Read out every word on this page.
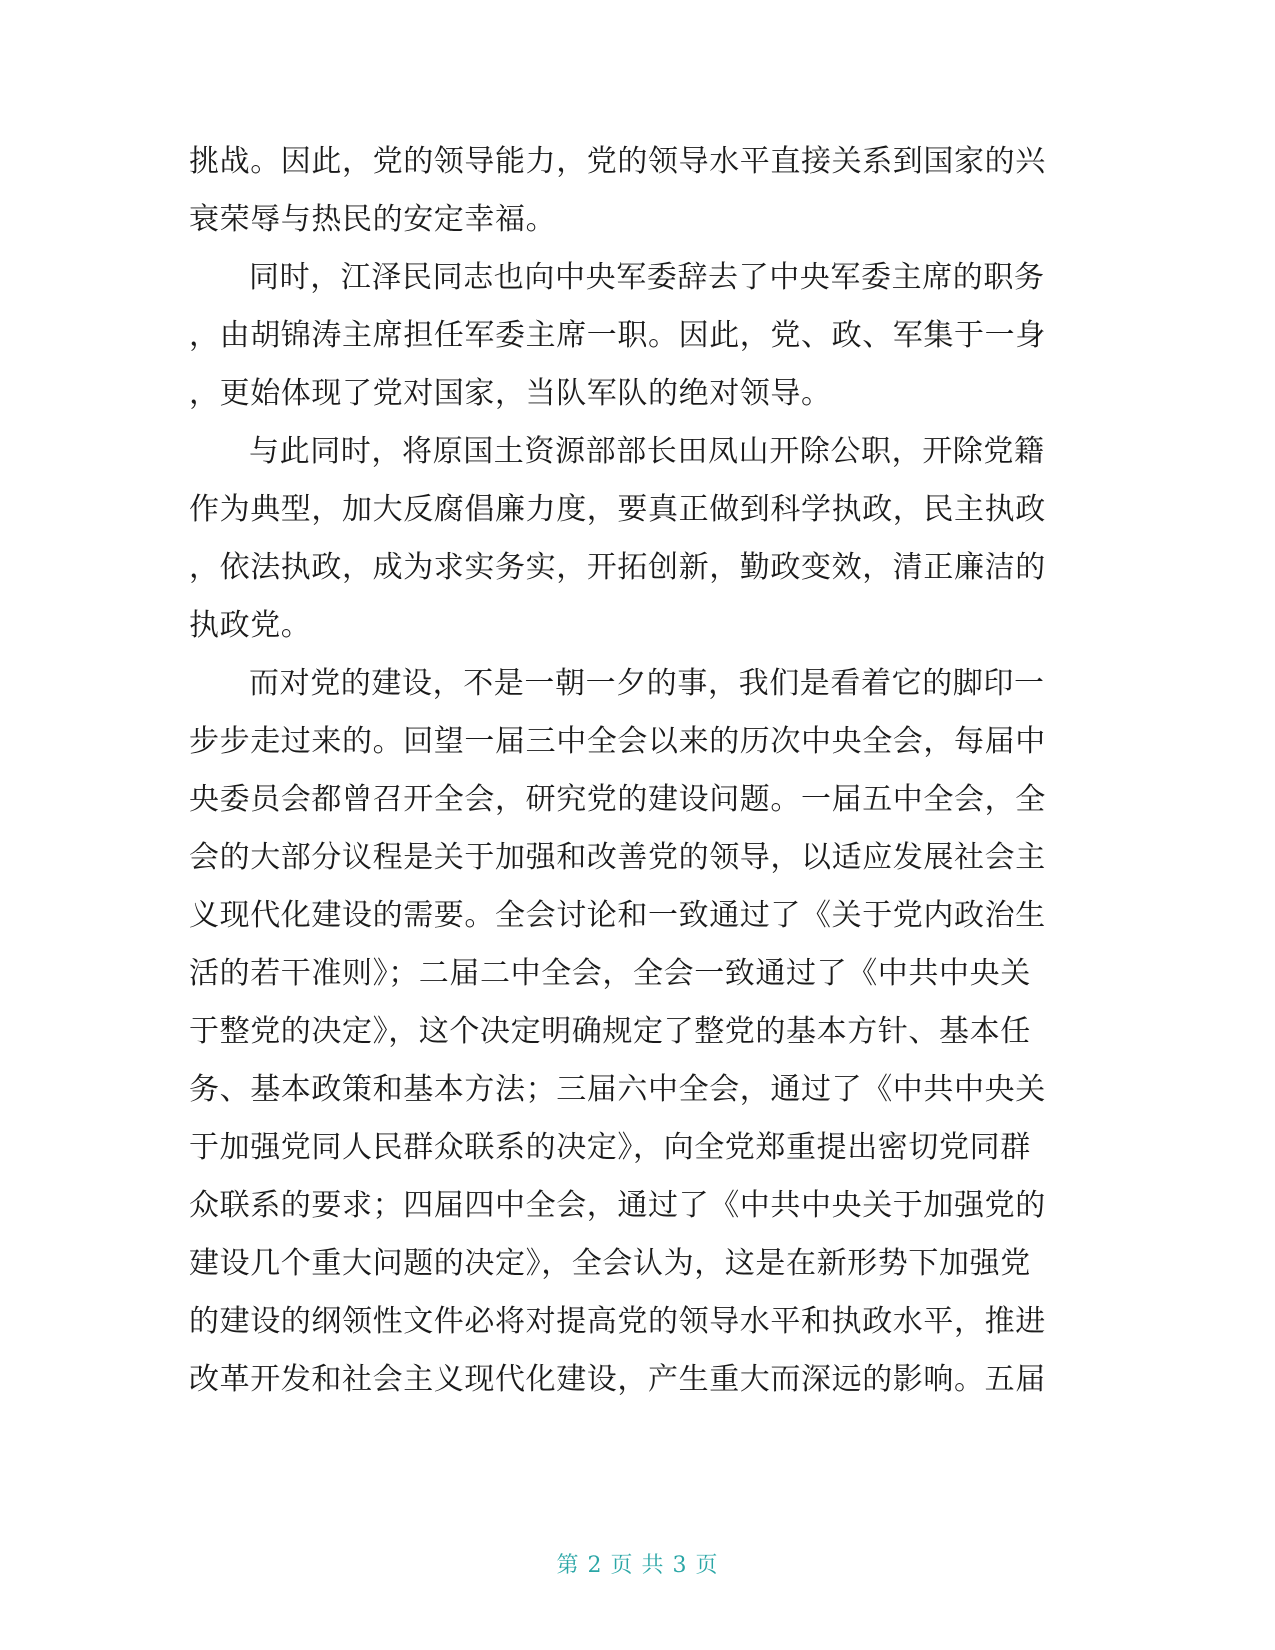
挑战。因此，党的领导能力，党的领导水平直接关系到国家的兴
衰荣辱与热民的安定幸福。
同时，江泽民同志也向中央军委辞去了中央军委主席的职务
，由胡锦涛主席担任军委主席一职。因此，党、政、军集于一身
，更始体现了党对国家，当队军队的绝对领导。
与此同时，将原国土资源部部长田凤山开除公职，开除党籍
作为典型，加大反腐倡廉力度，要真正做到科学执政，民主执政
，依法执政，成为求实务实，开拓创新，勤政变效，清正廉洁的
执政党。
而对党的建设，不是一朝一夕的事，我们是看着它的脚印一
步步走过来的。回望一届三中全会以来的历次中央全会，每届中
央委员会都曾召开全会，研究党的建设问题。一届五中全会，全
会的大部分议程是关于加强和改善党的领导，以适应发展社会主
义现代化建设的需要。全会讨论和一致通过了《关于党内政治生
活的若干准则》；二届二中全会，全会一致通过了《中共中央关
于整党的决定》，这个决定明确规定了整党的基本方针、基本任
务、基本政策和基本方法；三届六中全会，通过了《中共中央关
于加强党同人民群众联系的决定》，向全党郑重提出密切党同群
众联系的要求；四届四中全会，通过了《中共中央关于加强党的
建设几个重大问题的决定》，全会认为，这是在新形势下加强党
的建设的纲领性文件必将对提高党的领导水平和执政水平，推进
改革开发和社会主义现代化建设，产生重大而深远的影响。五届
第 2 页 共 3 页
